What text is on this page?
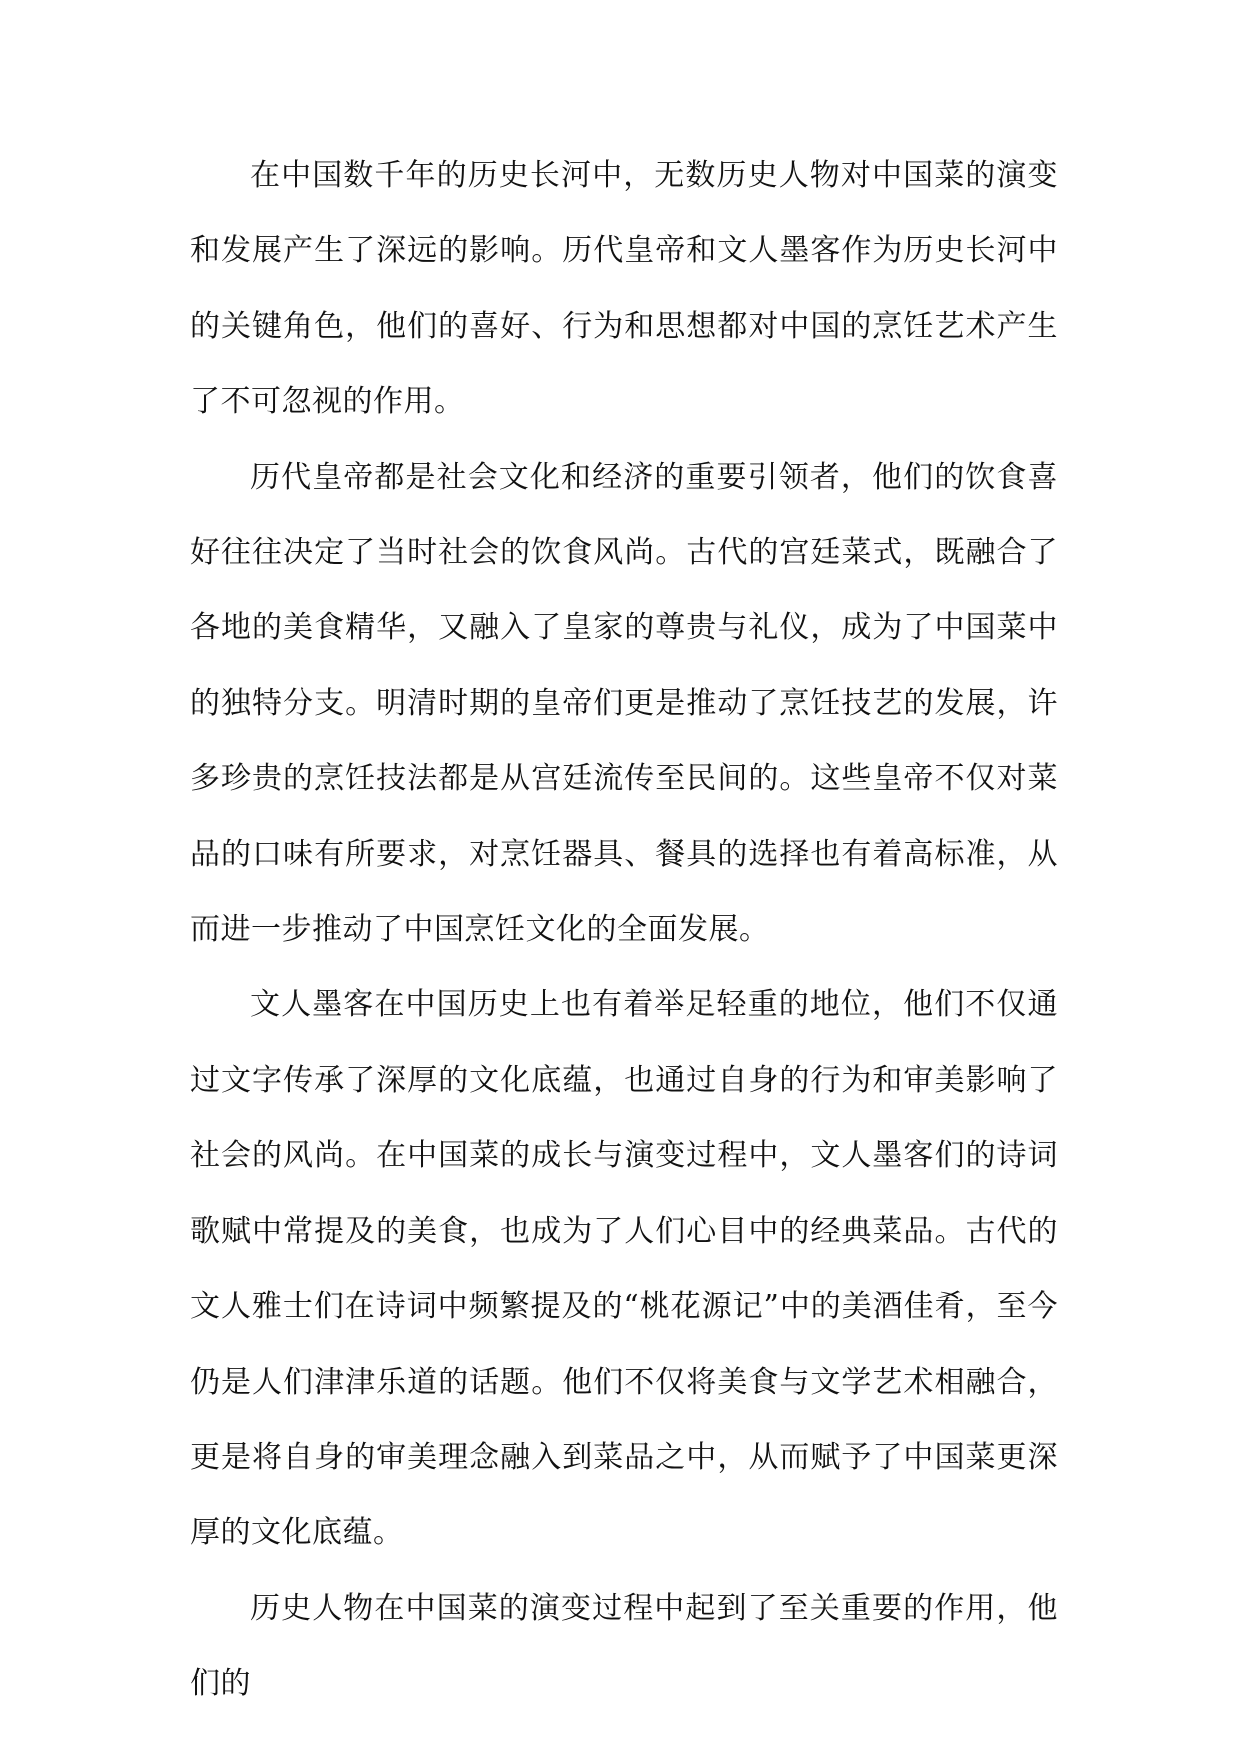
在中国数千年的历史长河中，无数历史人物对中国菜的演变和发展产生了深远的影响。历代皇帝和文人墨客作为历史长河中的关键角色，他们的喜好、行为和思想都对中国的烹饪艺术产生了不可忽视的作用。

历代皇帝都是社会文化和经济的重要引领者，他们的饮食喜好往往决定了当时社会的饮食风尚。古代的宫廷菜式，既融合了各地的美食精华，又融入了皇家的尊贵与礼仪，成为了中国菜中的独特分支。明清时期的皇帝们更是推动了烹饪技艺的发展，许多珍贵的烹饪技法都是从宫廷流传至民间的。这些皇帝不仅对菜品的口味有所要求，对烹饪器具、餐具的选择也有着高标准，从而进一步推动了中国烹饪文化的全面发展。

文人墨客在中国历史上也有着举足轻重的地位，他们不仅通过文字传承了深厚的文化底蕴，也通过自身的行为和审美影响了社会的风尚。在中国菜的成长与演变过程中，文人墨客们的诗词歌赋中常提及的美食，也成为了人们心目中的经典菜品。古代的文人雅士们在诗词中频繁提及的“桃花源记”中的美酒佳肴，至今仍是人们津津乐道的话题。他们不仅将美食与文学艺术相融合，更是将自身的审美理念融入到菜品之中，从而赋予了中国菜更深厚的文化底蕴。

历史人物在中国菜的演变过程中起到了至关重要的作用，他们的
